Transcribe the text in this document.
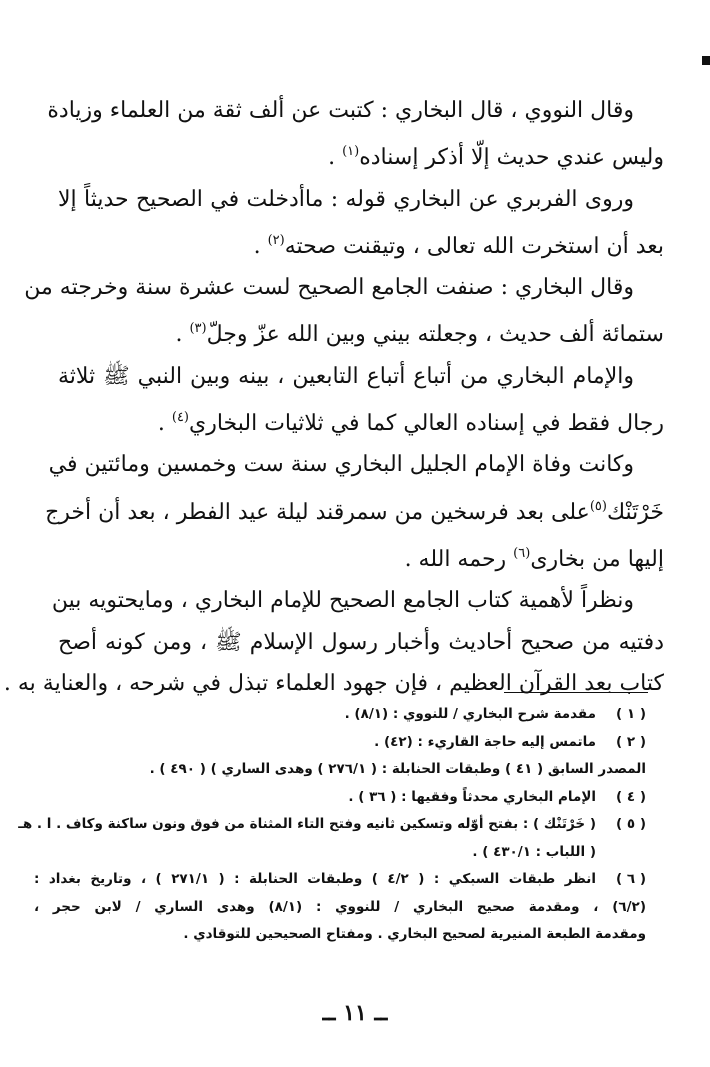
وقال النووي ، قال البخاري : كتبت عن ألف ثقة من العلماء وزيادة
وليس عندي حديث إلّا أذكر إسناده$^{(١)}$ .

وروى الفربري عن البخاري قوله : ماأدخلت في الصحيح حديثاً إلا
بعد أن استخرت الله تعالى ، وتيقنت صحته$^{(٢)}$ .

وقال البخاري : صنفت الجامع الصحيح لست عشرة سنة وخرجته من
ستمائة ألف حديث ، وجعلته بيني وبين الله عزّ وجلّ$^{(٣)}$ .

والإمام البخاري من أتباع أتباع التابعين ، بينه وبين النبي ﷺ ثلاثة
رجال فقط في إسناده العالي كما في ثلاثيات البخاري$^{(٤)}$ .

وكانت وفاة الإمام الجليل البخاري سنة ست وخمسين ومائتين في
خَرْتَنْك$^{(٥)}$على بعد فرسخين من سمرقند ليلة عيد الفطر ، بعد أن أخرج
إليها من بخارى$^{(٦)}$ رحمه الله .

ونظراً لأهمية كتاب الجامع الصحيح للإمام البخاري ، ومايحتويه بين
دفتيه من صحيح أحاديث وأخبار رسول الإسلام ﷺ ، ومن كونه أصح
كتاب بعد القرآن العظيم ، فإن جهود العلماء تبذل في شرحه ، والعناية به .

( ١ )
مقدمة شرح البخاري / للنووي : (٨/١) .
( ٢ )
ماتمس إليه حاجة القاريء : (٤٢) .
المصدر السابق ( ٤١ ) وطبقات الحنابلة : ( ٢٧٦/١ ) وهدى الساري ) ( ٤٩٠ ) .
( ٤ )
الإمام البخاري محدثاً وفقيها : ( ٣٦ ) .
( ٥ )
( خَرْتَنْك ) : بفتح أوّله وتسكين ثانيه وفتح التاء المثناة من فوق ونون ساكنة وكاف . ا . هـ
( اللباب : ٤٣٠/١ ) .
( ٦ )
انظر طبقات السبكي : ( ٤/٢ ) وطبقات الحنابلة : ( ٢٧١/١ ) ، وتاريخ بغداد :
(٦/٢) ، ومقدمة صحيح البخاري / للنووي : (٨/١) وهدى الساري / لابن حجر ،
ومقدمة الطبعة المنيرية لصحيح البخاري . ومفتاح الصحيحين للتوقادي .
ــ ١١ ــ
